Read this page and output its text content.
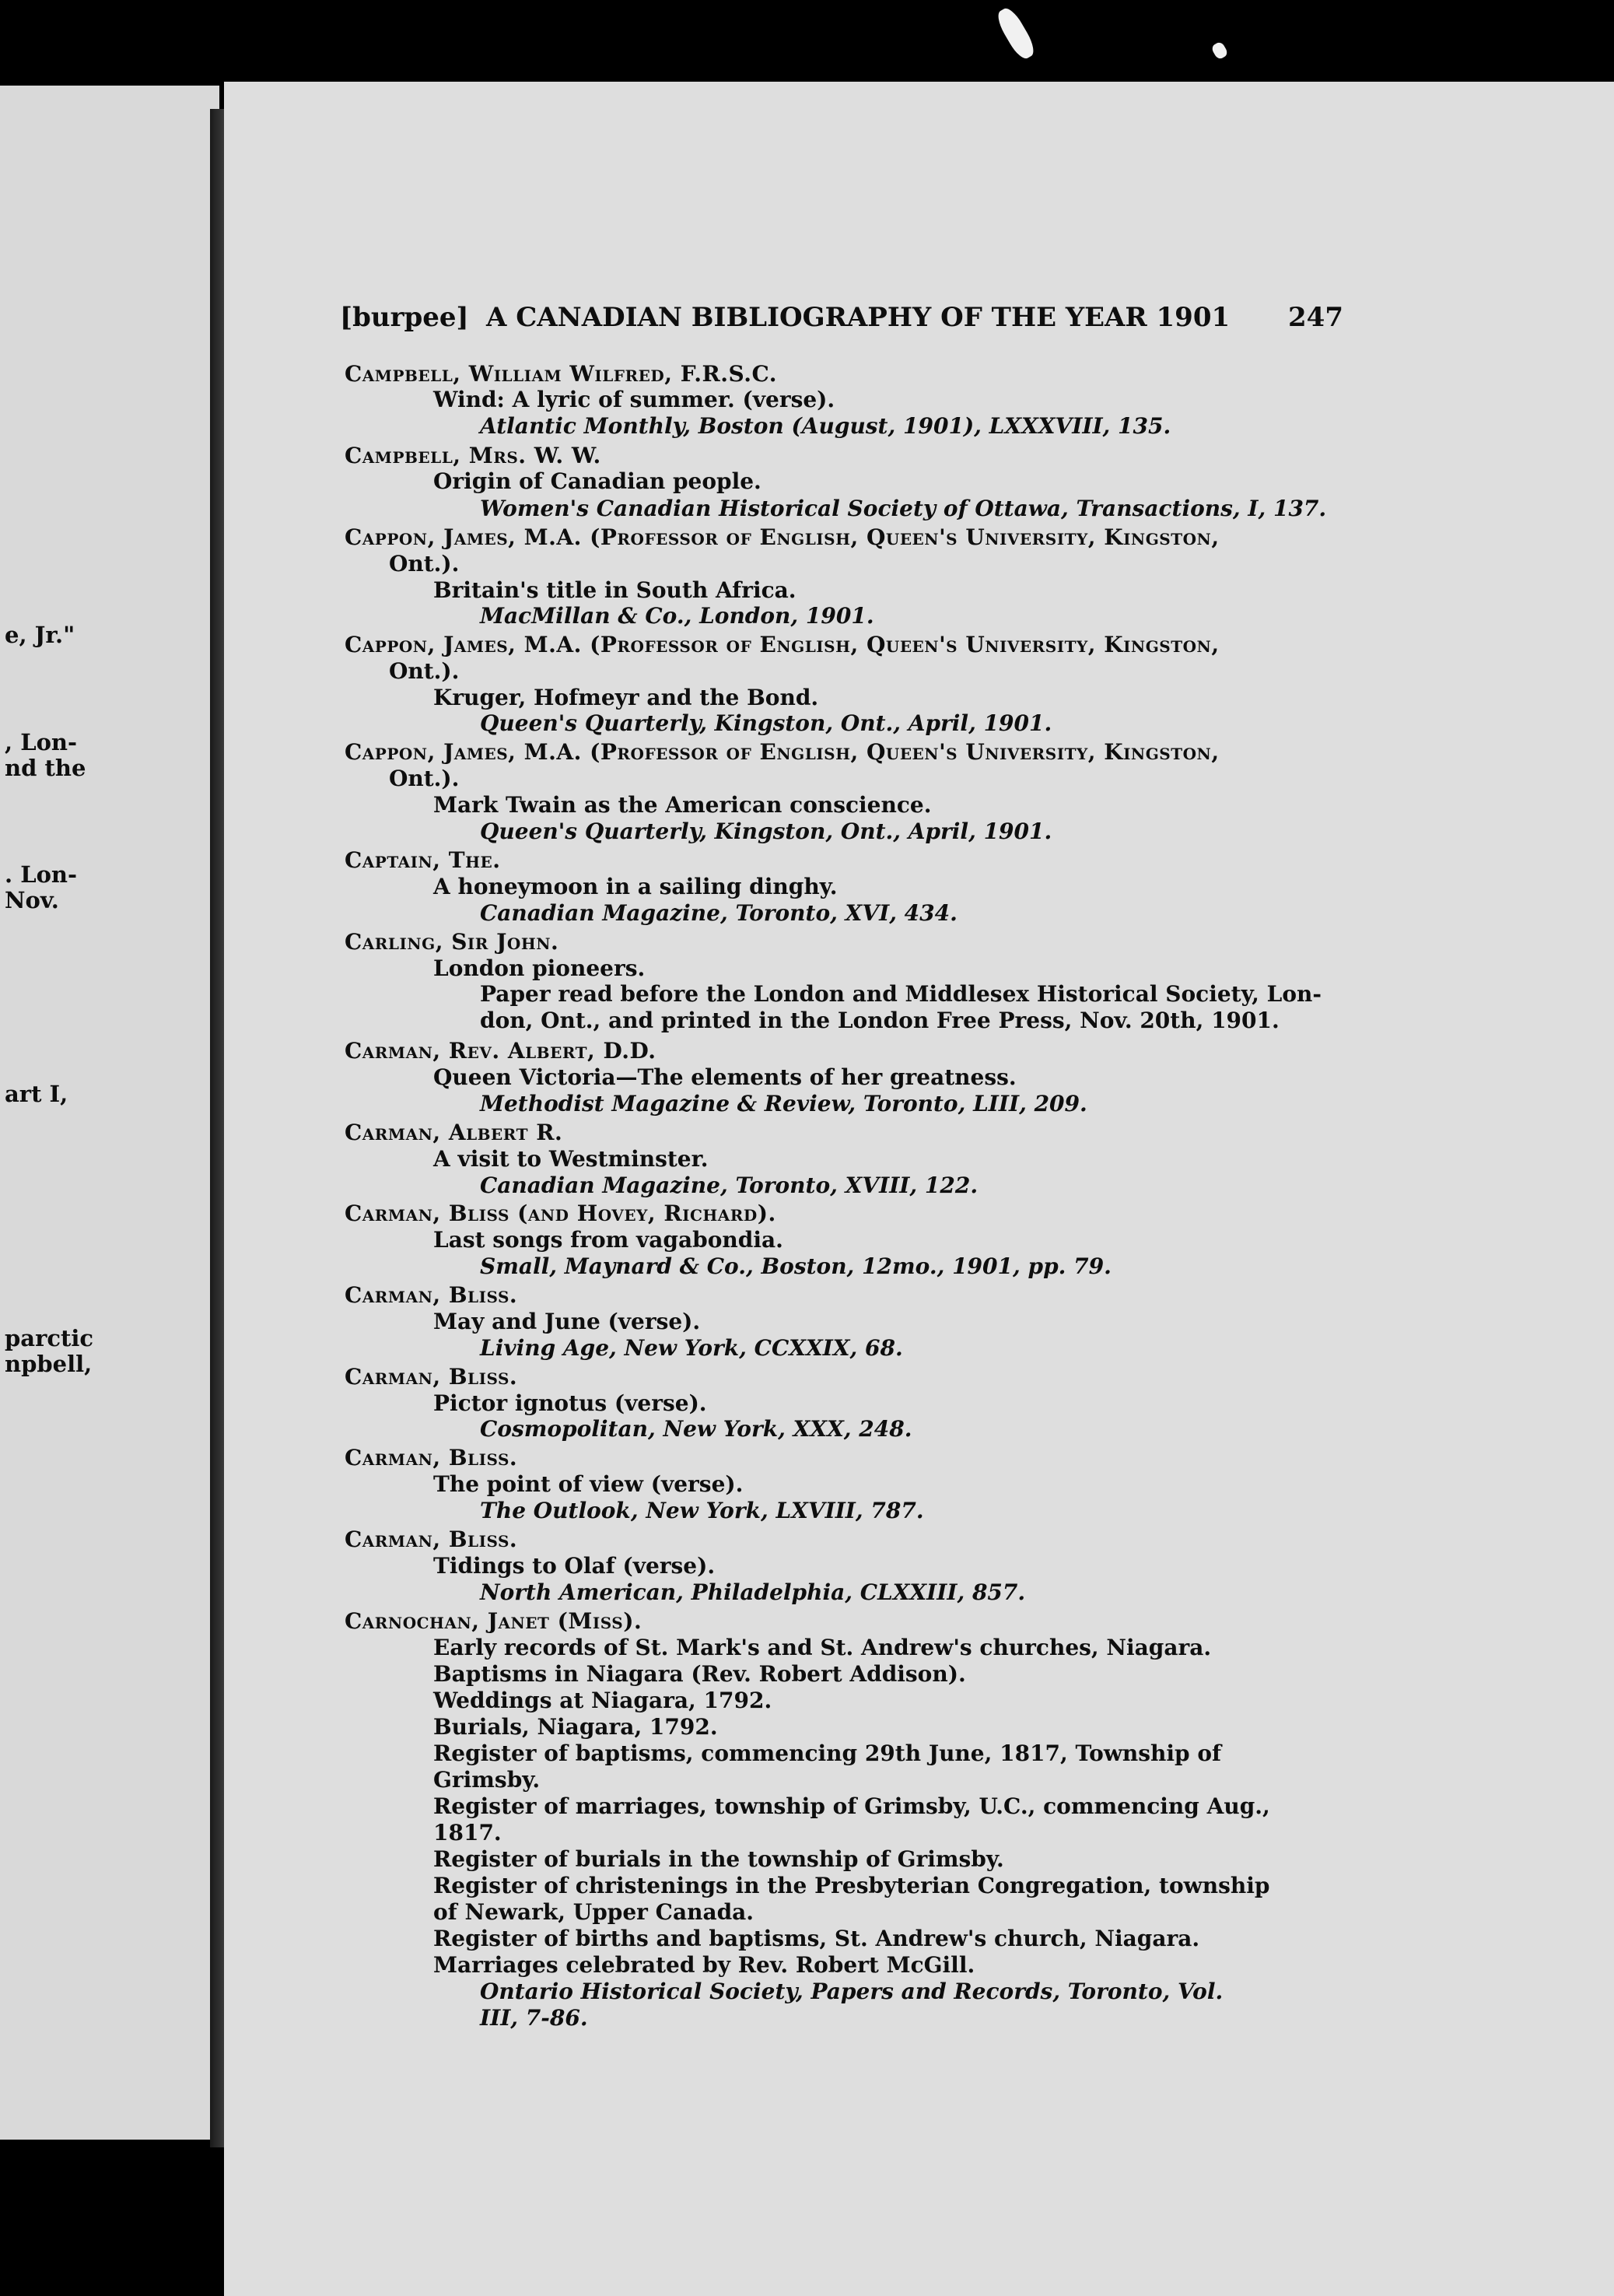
e, Jr."
, Lon-
nd the
. Lon-
Nov.
art I,
parctic
npbell,
[burpee] A CANADIAN BIBLIOGRAPHY OF THE YEAR 1901 247
Campbell, William Wilfred, F.R.S.C.
Wind: A lyric of summer. (verse).
Atlantic Monthly, Boston (August, 1901), LXXXVIII, 135.
Campbell, Mrs. W. W.
Origin of Canadian people.
Women's Canadian Historical Society of Ottawa, Transactions, I, 137.
Cappon, James, M.A. (Professor of English, Queen's University, Kingston,
Ont.).
Britain's title in South Africa.
MacMillan & Co., London, 1901.
Cappon, James, M.A. (Professor of English, Queen's University, Kingston,
Ont.).
Kruger, Hofmeyr and the Bond.
Queen's Quarterly, Kingston, Ont., April, 1901.
Cappon, James, M.A. (Professor of English, Queen's University, Kingston,
Ont.).
Mark Twain as the American conscience.
Queen's Quarterly, Kingston, Ont., April, 1901.
Captain, The.
A honeymoon in a sailing dinghy.
Canadian Magazine, Toronto, XVI, 434.
Carling, Sir John.
London pioneers.
Paper read before the London and Middlesex Historical Society, Lon-
don, Ont., and printed in the London Free Press, Nov. 20th, 1901.
Carman, Rev. Albert, D.D.
Queen Victoria—The elements of her greatness.
Methodist Magazine & Review, Toronto, LIII, 209.
Carman, Albert R.
A visit to Westminster.
Canadian Magazine, Toronto, XVIII, 122.
Carman, Bliss (and Hovey, Richard).
Last songs from vagabondia.
Small, Maynard & Co., Boston, 12mo., 1901, pp. 79.
Carman, Bliss.
May and June (verse).
Living Age, New York, CCXXIX, 68.
Carman, Bliss.
Pictor ignotus (verse).
Cosmopolitan, New York, XXX, 248.
Carman, Bliss.
The point of view (verse).
The Outlook, New York, LXVIII, 787.
Carman, Bliss.
Tidings to Olaf (verse).
North American, Philadelphia, CLXXIII, 857.
Carnochan, Janet (Miss).
Early records of St. Mark's and St. Andrew's churches, Niagara.
Baptisms in Niagara (Rev. Robert Addison).
Weddings at Niagara, 1792.
Burials, Niagara, 1792.
Register of baptisms, commencing 29th June, 1817, Township of
Grimsby.
Register of marriages, township of Grimsby, U.C., commencing Aug.,
1817.
Register of burials in the township of Grimsby.
Register of christenings in the Presbyterian Congregation, township
of Newark, Upper Canada.
Register of births and baptisms, St. Andrew's church, Niagara.
Marriages celebrated by Rev. Robert McGill.
Ontario Historical Society, Papers and Records, Toronto, Vol.
III, 7-86.
